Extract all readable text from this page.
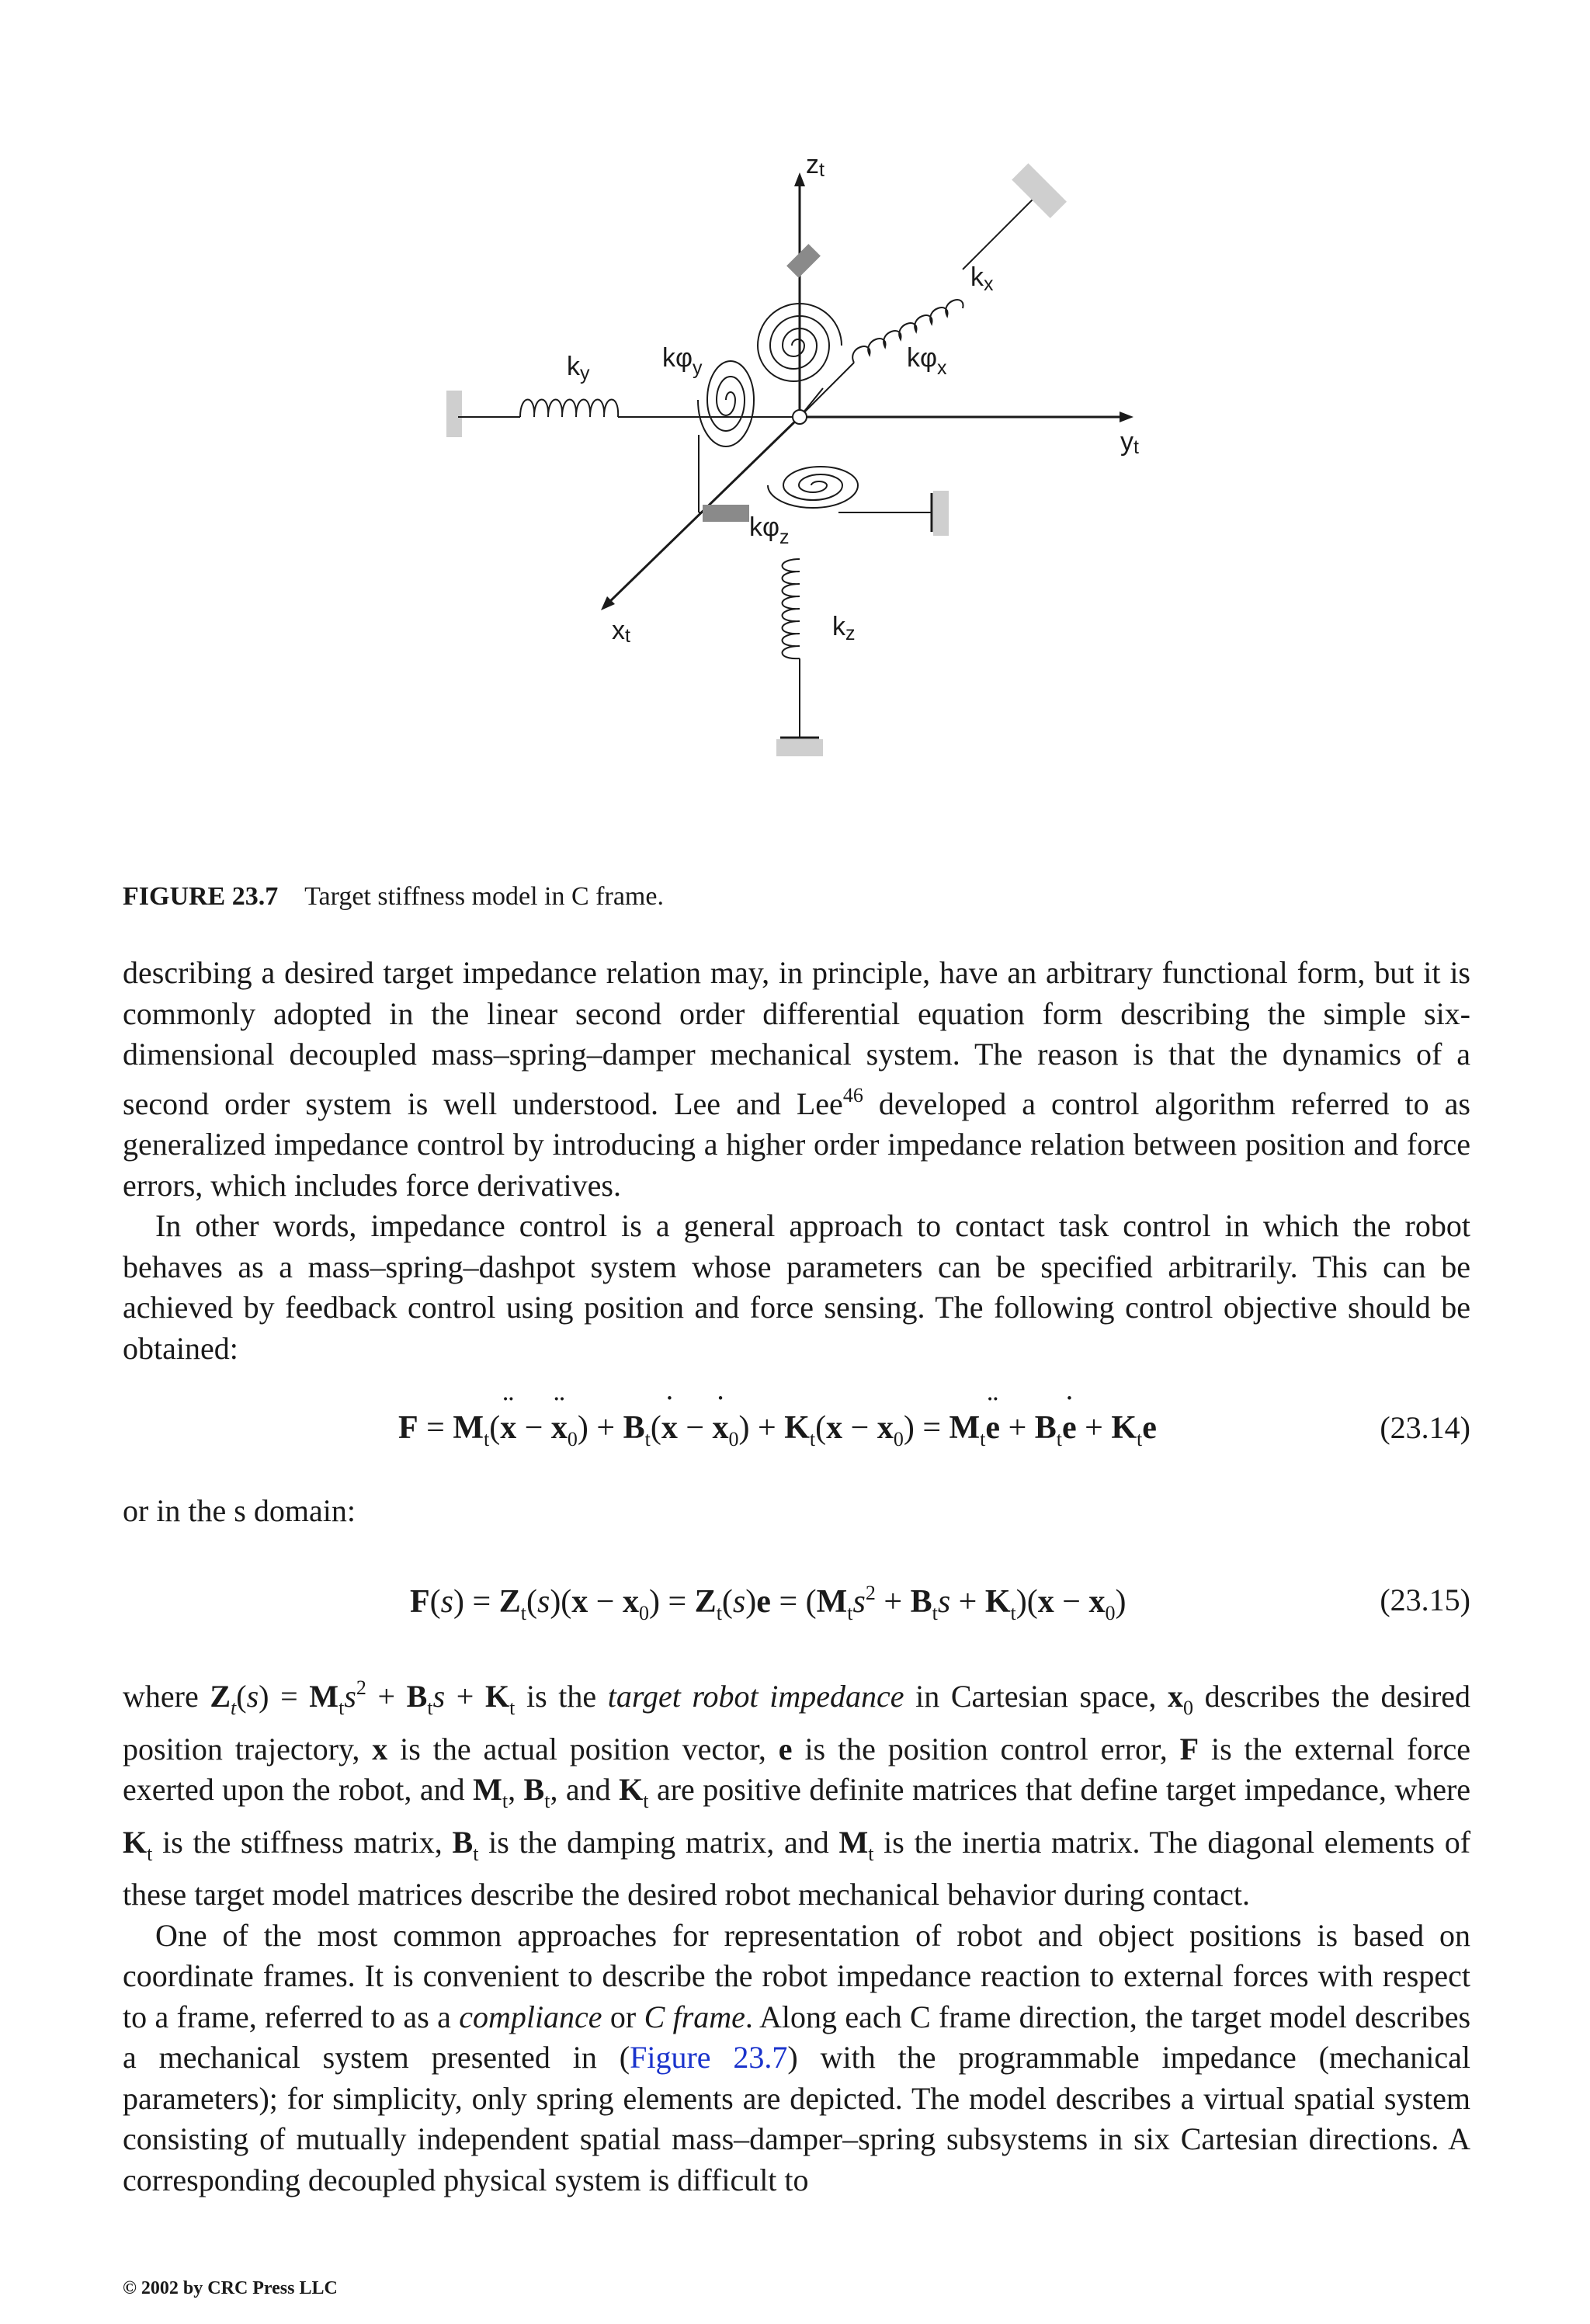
zt
yt
xt
kx
ky
kz
$k\varphi_x$
$k\varphi_y$
$k\varphi_z$
FIGURE 23.7 Target stiffness model in C frame.

describing a desired target impedance relation may, in principle, have an arbitrary functional form, but it is commonly adopted in the linear second order differential equation form describing the simple six-dimensional decoupled mass–spring–damper mechanical system. The reason is that the dynamics of a second order system is well understood. Lee and Lee$^{46}$ developed a control algorithm referred to as generalized impedance control by introducing a higher order impedance relation between position and force errors, which includes force derivatives.

In other words, impedance control is a general approach to contact task control in which the robot behaves as a mass–spring–dashpot system whose parameters can be specified arbitrarily. This can be achieved by feedback control using position and force sensing. The following control objective should be obtained:

$F = M_t(x$ ¨ − x $¨_0) + B_t(x$ ˙ − x $˙_0) + K_t(x - x_0) = M_te$ ¨ + $B_te$ ˙ + $K_te$	(23.14)
or in the s domain:
$F(s) = Z_t(s)(x - x_0) = Z_t(s)e = (M_ts^2 + B_ts + K_t)(x - x_0)$	(23.15)

where $Z_t(s) = M_ts^2 + B_ts + K_t$ is the target robot impedance in Cartesian space, $x_0$ describes the desired position trajectory, x is the actual position vector, e is the position control error, F is the external force exerted upon the robot, and $M_t$, $B_t$, and $K_t$ are positive definite matrices that define target impedance, where $K_t$ is the stiffness matrix, $B_t$ is the damping matrix, and $M_t$ is the inertia matrix. The diagonal elements of these target model matrices describe the desired robot mechanical behavior during contact.

One of the most common approaches for representation of robot and object positions is based on coordinate frames. It is convenient to describe the robot impedance reaction to external forces with respect to a frame, referred to as a compliance or C frame. Along each C frame direction, the target model describes a mechanical system presented in (Figure 23.7) with the programmable impedance (mechanical parameters); for simplicity, only spring elements are depicted. The model describes a virtual spatial system consisting of mutually independent spatial mass–damper–spring subsystems in six Cartesian directions. A corresponding decoupled physical system is difficult to

© 2002 by CRC Press LLC
